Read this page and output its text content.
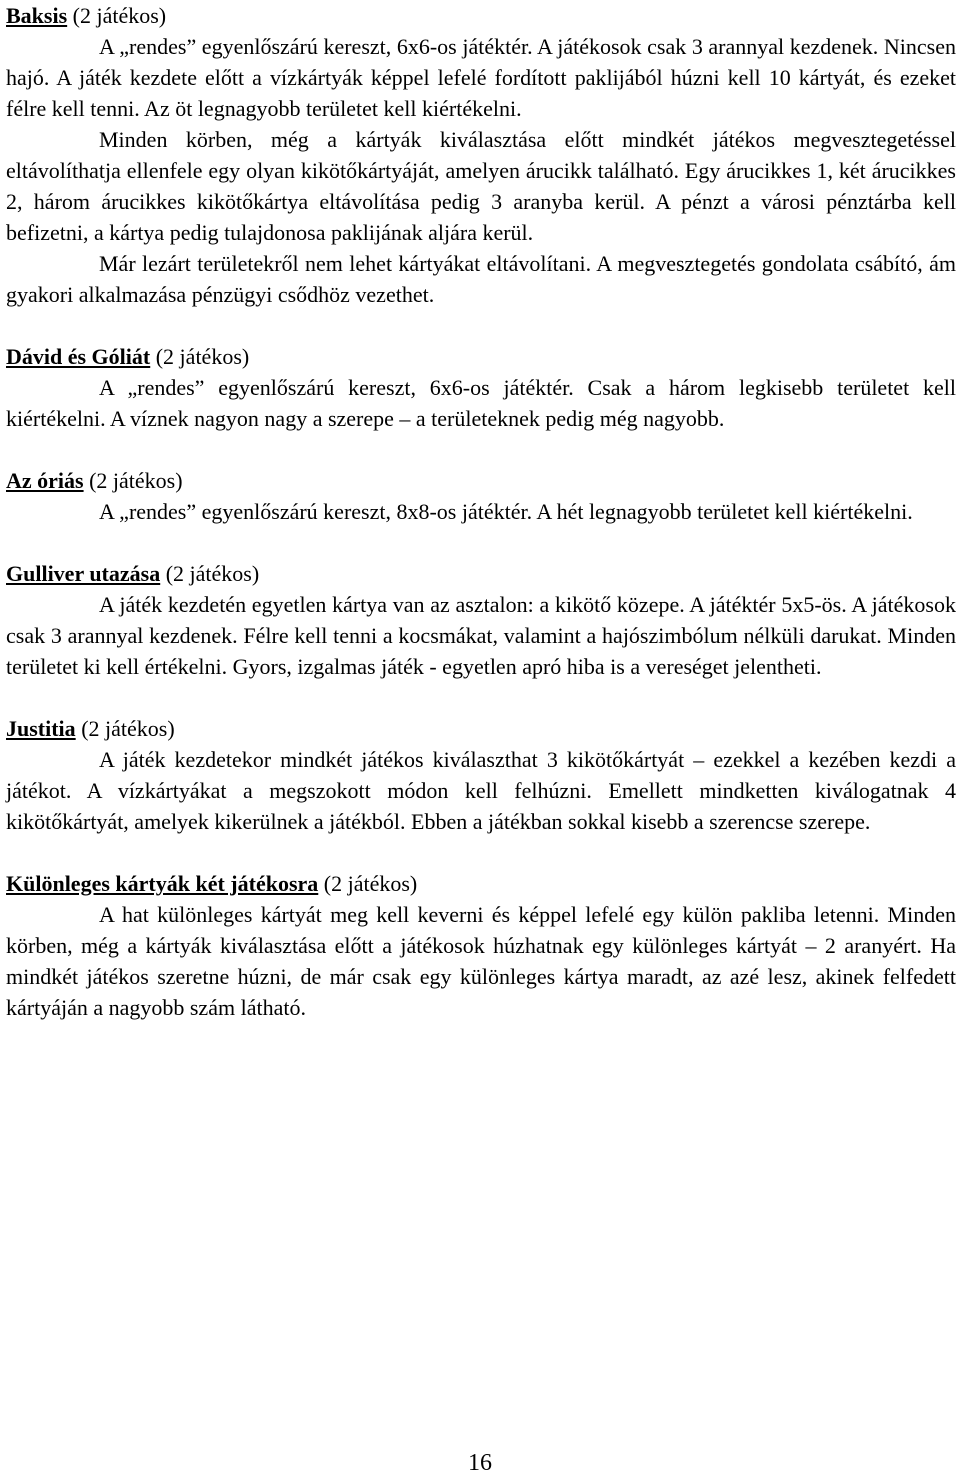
Baksis (2 játékos)

A „rendes” egyenlőszárú kereszt, 6x6-os játéktér. A játékosok csak 3 arannyal kezdenek. Nincsen hajó. A játék kezdete előtt a vízkártyák képpel lefelé fordított paklijából húzni kell 10 kártyát, és ezeket félre kell tenni. Az öt legnagyobb területet kell kiértékelni.

Minden körben, még a kártyák kiválasztása előtt mindkét játékos megvesztegetéssel eltávolíthatja ellenfele egy olyan kikötőkártyáját, amelyen árucikk található. Egy árucikkes 1, két árucikkes 2, három árucikkes kikötőkártya eltávolítása pedig 3 aranyba kerül. A pénzt a városi pénztárba kell befizetni, a kártya pedig tulajdonosa paklijának aljára kerül.

Már lezárt területekről nem lehet kártyákat eltávolítani. A megvesztegetés gondolata csábító, ám gyakori alkalmazása pénzügyi csődhöz vezethet.

Dávid és Góliát (2 játékos)

A „rendes” egyenlőszárú kereszt, 6x6-os játéktér. Csak a három legkisebb területet kell kiértékelni. A víznek nagyon nagy a szerepe – a területeknek pedig még nagyobb.

Az óriás (2 játékos)

A „rendes” egyenlőszárú kereszt, 8x8-os játéktér. A hét legnagyobb területet kell kiértékelni.

Gulliver utazása (2 játékos)

A játék kezdetén egyetlen kártya van az asztalon: a kikötő közepe. A játéktér 5x5-ös. A játékosok csak 3 arannyal kezdenek. Félre kell tenni a kocsmákat, valamint a hajószimbólum nélküli darukat. Minden területet ki kell értékelni. Gyors, izgalmas játék - egyetlen apró hiba is a vereséget jelentheti.

Justitia (2 játékos)

A játék kezdetekor mindkét játékos kiválaszthat 3 kikötőkártyát – ezekkel a kezében kezdi a játékot. A vízkártyákat a megszokott módon kell felhúzni. Emellett mindketten kiválogatnak 4 kikötőkártyát, amelyek kikerülnek a játékból. Ebben a játékban sokkal kisebb a szerencse szerepe.

Különleges kártyák két játékosra (2 játékos)

A hat különleges kártyát meg kell keverni és képpel lefelé egy külön pakliba letenni. Minden körben, még a kártyák kiválasztása előtt a játékosok húzhatnak egy különleges kártyát – 2 aranyért. Ha mindkét játékos szeretne húzni, de már csak egy különleges kártya maradt, az azé lesz, akinek felfedett kártyáján a nagyobb szám látható.

16
